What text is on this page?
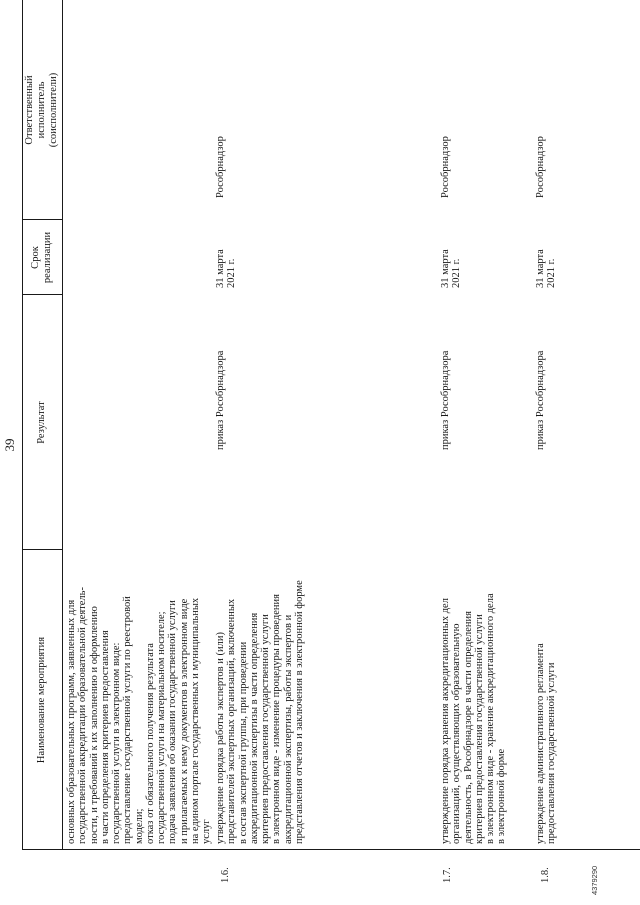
39
Наименование мероприятия
Результат
Срок
реализации
Ответственный
исполнитель
(соисполнители)
основных образовательных программ, заявленных для
государственной аккредитации образовательной деятель-
ности, и требований к их заполнению и оформлению
в части определения критериев предоставления
государственной услуги в электронном виде:
предоставление государственной услуги по реестровой
модели;
отказ от обязательного получения результата
государственной услуги на материальном носителе;
подача заявления об оказании государственной услуги
и прилагаемых к нему документов в электронном виде
на едином портале государственных и муниципальных
услуг
1.6.
утверждение порядка работы экспертов и (или)
представителей экспертных организаций, включенных
в состав экспертной группы, при проведении
аккредитационной экспертизы в части определения
критериев предоставления государственной услуги
в электронном виде - изменение процедуры проведения
аккредитационной экспертизы, работы экспертов и
представления отчетов и заключения в электронной форме
приказ Рособрнадзора
31 марта
2021 г.
Рособрнадзор
1.7.
утверждение порядка хранения аккредитационных дел
организаций, осуществляющих образовательную
деятельность, в Рособрнадзоре в части определения
критериев предоставления государственной услуги
в электронном виде - хранение аккредитационного дела
в электронной форме
приказ Рособрнадзора
31 марта
2021 г.
Рособрнадзор
1.8.
утверждение административного регламента
предоставления государственной услуги
приказ Рособрнадзора
31 марта
2021 г.
Рособрнадзор
4379290
